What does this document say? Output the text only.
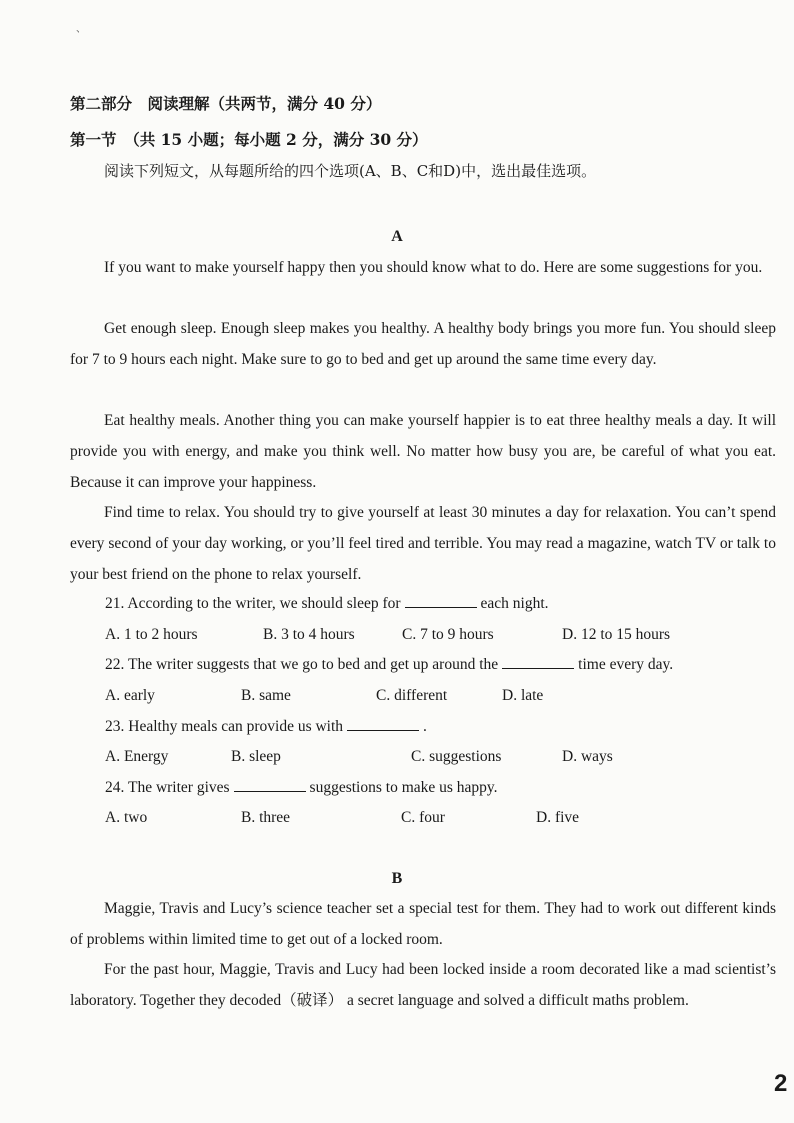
、
第二部分　阅读理解（共两节，满分 40 分）
第一节　（共 15 小题；每小题 2 分，满分 30 分）
阅读下列短文，从每题所给的四个选项(A、B、C和D)中，选出最佳选项。
A
If you want to make yourself happy then you should know what to do. Here are some suggestions for you.
Get enough sleep. Enough sleep makes you healthy. A healthy body brings you more fun. You should sleep for 7 to 9 hours each night. Make sure to go to bed and get up around the same time every day.
Eat healthy meals. Another thing you can make yourself happier is to eat three healthy meals a day. It will provide you with energy, and make you think well. No matter how busy you are, be careful of what you eat. Because it can improve your happiness.
Find time to relax. You should try to give yourself at least 30 minutes a day for relaxation. You can’t spend every second of your day working, or you’ll feel tired and terrible. You may read a magazine, watch TV or talk to your best friend on the phone to relax yourself.
21. According to the writer, we should sleep for	each night.
A. 1 to 2 hours	B. 3 to 4 hours	C. 7 to 9 hours	D. 12 to 15 hours
22. The writer suggests that we go to bed and get up around the	time every day.
A. early	B. same	C. different	D. late
23. Healthy meals can provide us with	.
A. Energy	B. sleep	C. suggestions	D. ways
24. The writer gives	suggestions to make us happy.
A. two	B. three	C. four	D. five
B
Maggie, Travis and Lucy’s science teacher set a special test for them. They had to work out different kinds of problems within limited time to get out of a locked room.
For the past hour, Maggie, Travis and Lucy had been locked inside a room decorated like a mad scientist’s laboratory. Together they decoded（破译） a secret language and solved a difficult maths problem.
2
